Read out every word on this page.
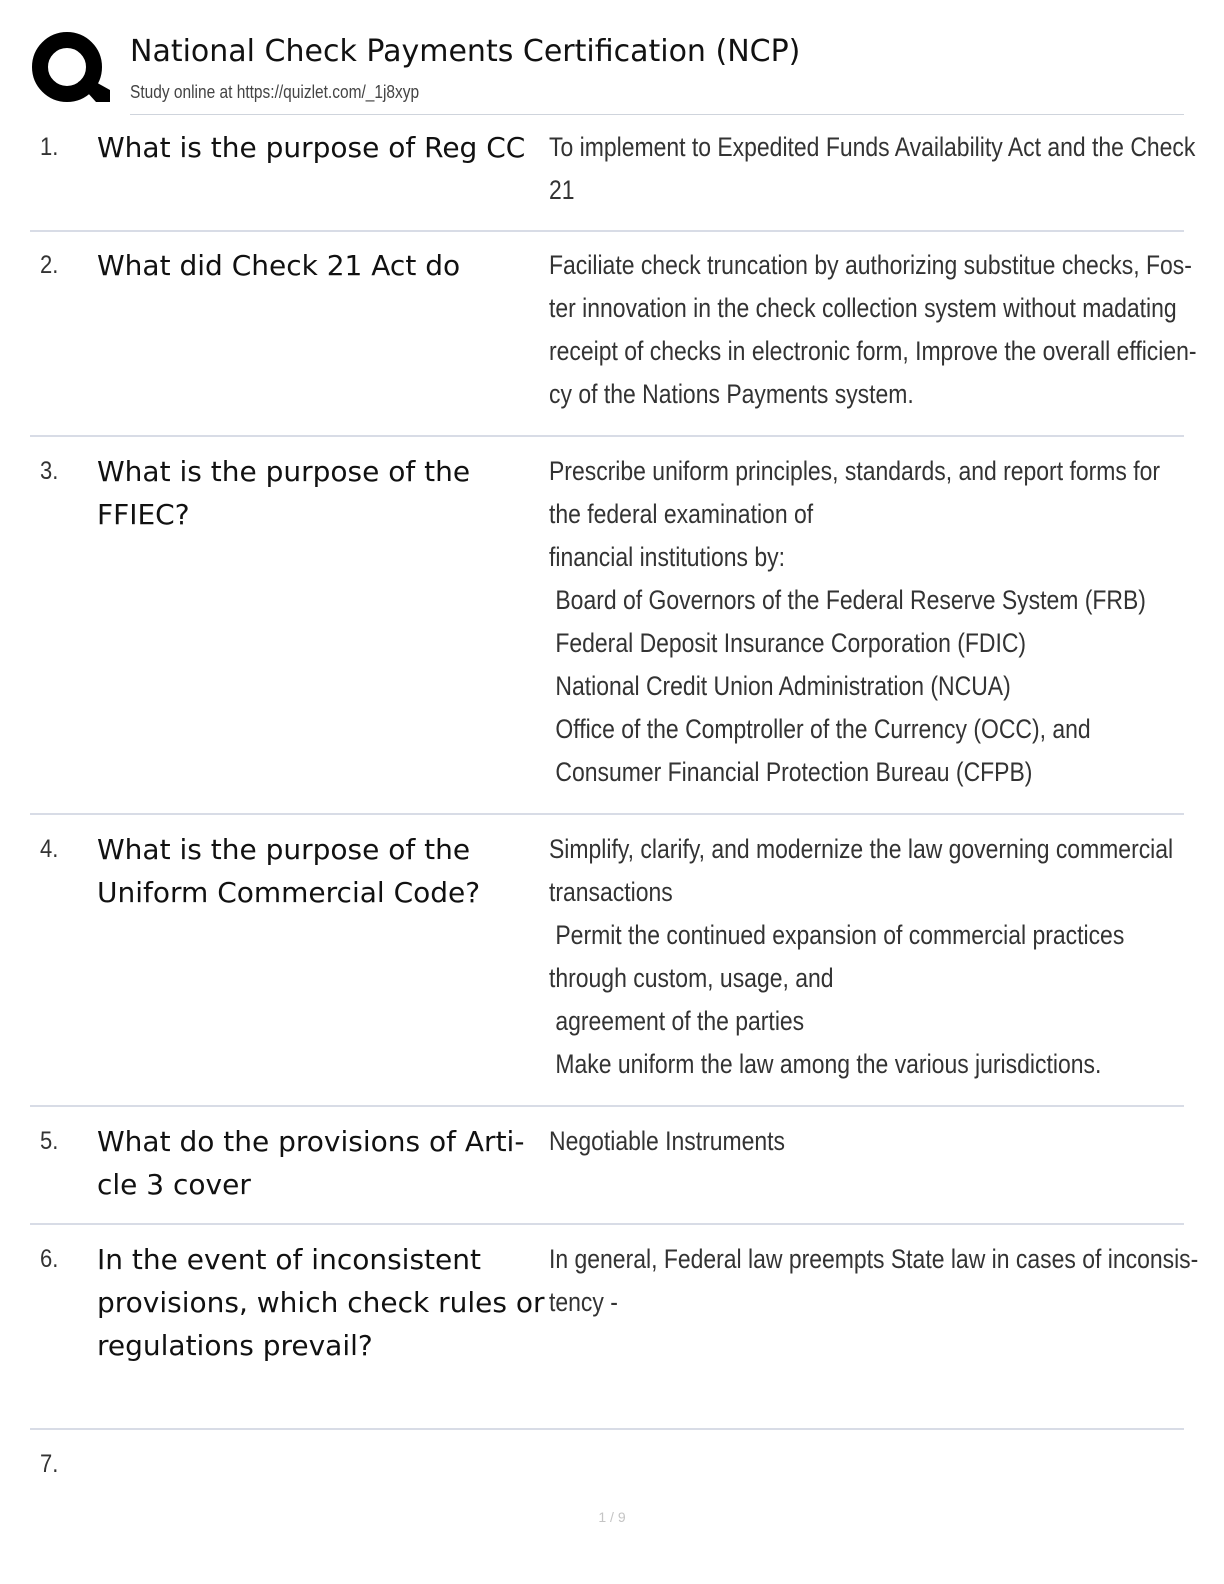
National Check Payments Certification (NCP)
Study online at https://quizlet.com/_1j8xyp
1. What is the purpose of Reg CC To implement to Expedited Funds Availability Act and the Check
21
2. What did Check 21 Act do	Faciliate check truncation by authorizing substitue checks, Fos-
ter innovation in the check collection system without madating
receipt of checks in electronic form, Improve the overall efficien-
cy of the Nations Payments system.
3. What is the purpose of the FFIEC?
Prescribe uniform principles, standards, and report forms for
the federal examination of
financial institutions by:
Board of Governors of the Federal Reserve System (FRB)
Federal Deposit Insurance Corporation (FDIC)
National Credit Union Administration (NCUA)
Office of the Comptroller of the Currency (OCC), and
Consumer Financial Protection Bureau (CFPB)
4. What is the purpose of the Uniform Commercial Code?
Simplify, clarify, and modernize the law governing commercial
transactions
Permit the continued expansion of commercial practices
through custom, usage, and
agreement of the parties
Make uniform the law among the various jurisdictions.
5. What do the provisions of Arti- cle 3 cover
Negotiable Instruments
6. In the event of inconsistent provisions, which check rules or regulations prevail?
In general, Federal law preempts State law in cases of inconsis-
tency -
7.
1 / 9
